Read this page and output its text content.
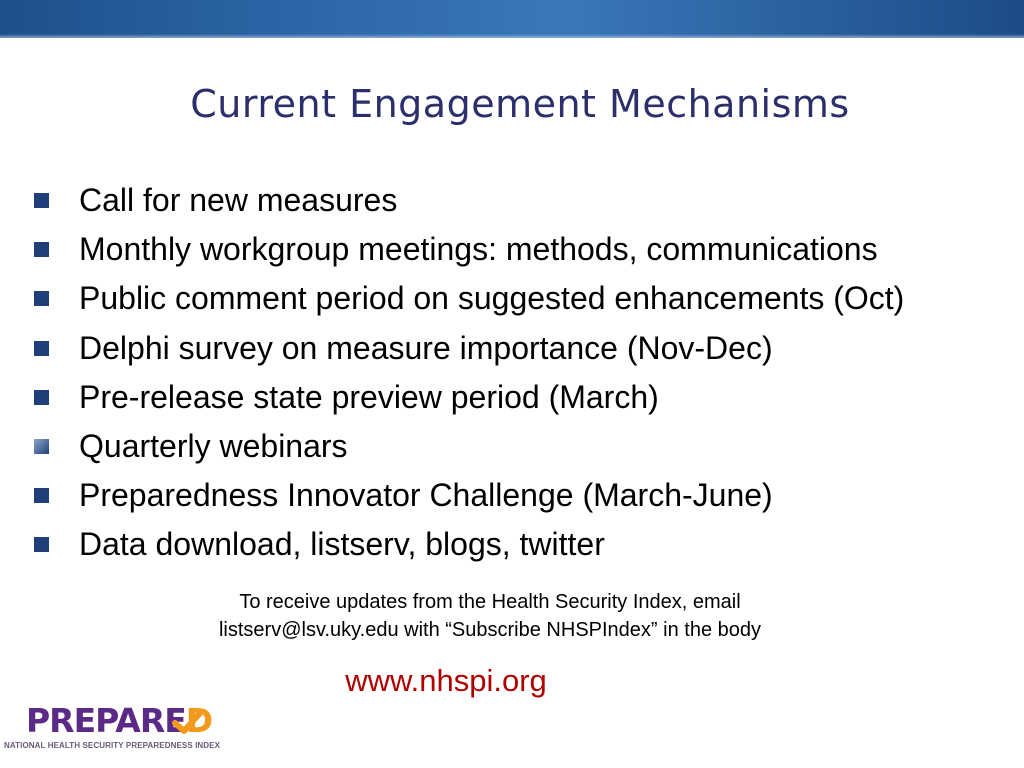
Current Engagement Mechanisms
Call for new measures
Monthly workgroup meetings: methods, communications
Public comment period on suggested enhancements (Oct)
Delphi survey on measure importance (Nov-Dec)
Pre-release state preview period (March)
Quarterly webinars
Preparedness Innovator Challenge (March-June)
Data download, listserv, blogs, twitter
To receive updates from the Health Security Index, email
listserv@lsv.uky.edu with “Subscribe NHSPIndex” in the body
www.nhspi.org
PREPARED
NATIONAL HEALTH SECURITY PREPAREDNESS INDEX
